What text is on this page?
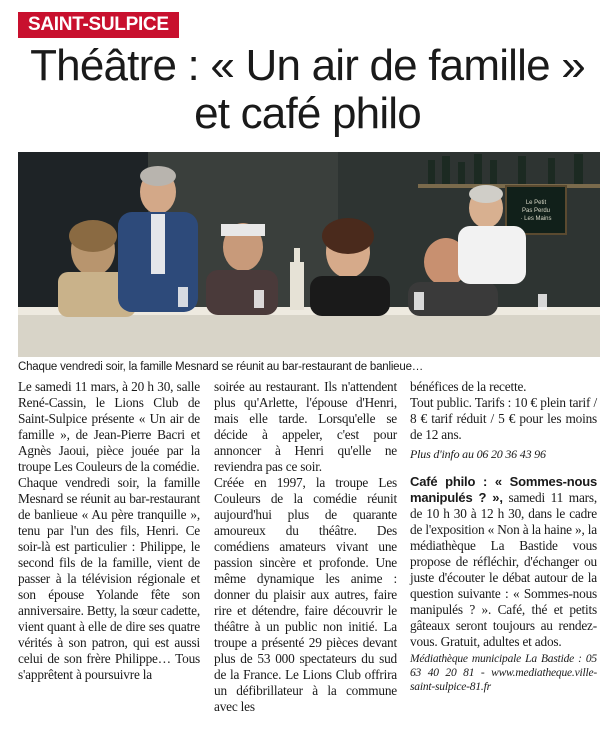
SAINT-SULPICE
Théâtre : « Un air de famille »
et café philo
Le Petit Pas Perdu · Les Mains
Chaque vendredi soir, la famille Mesnard se réunit au bar-restaurant de banlieue…

Le samedi 11 mars, à 20 h 30, salle René-Cassin, le Lions Club de Saint-Sulpice présente « Un air de famille », de Jean-Pierre Bacri et Agnès Jaoui, pièce jouée par la troupe Les Couleurs de la comédie.

Chaque vendredi soir, la famille Mesnard se réunit au bar-restaurant de banlieue « Au père tranquille », tenu par l'un des fils, Henri. Ce soir-là est particulier : Philippe, le second fils de la famille, vient de passer à la télévision régionale et son épouse Yolande fête son anniversaire. Betty, la sœur cadette, vient quant à elle de dire ses quatre vérités à son patron, qui est aussi celui de son frère Philippe… Tous s'apprêtent à poursuivre la

soirée au restaurant. Ils n'attendent plus qu'Arlette, l'épouse d'Henri, mais elle tarde. Lorsqu'elle se décide à appeler, c'est pour annoncer à Henri qu'elle ne reviendra pas ce soir.

Créée en 1997, la troupe Les Couleurs de la comédie réunit aujourd'hui plus de quarante amoureux du théâtre. Des comédiens amateurs vivant une passion sincère et profonde. Une même dynamique les anime : donner du plaisir aux autres, faire rire et détendre, faire découvrir le théâtre à un public non initié. La troupe a présenté 29 pièces devant plus de 53 000 spectateurs du sud de la France. Le Lions Club offrira un défibrillateur à la commune avec les

bénéfices de la recette.

Tout public. Tarifs : 10 € plein tarif / 8 € tarif réduit / 5 € pour les moins de 12 ans.

Plus d'info au 06 20 36 43 96

Café philo : « Sommes-nous manipulés ? », samedi 11 mars, de 10 h 30 à 12 h 30, dans le cadre de l'exposition « Non à la haine », la médiathèque La Bastide vous propose de réfléchir, d'échanger ou juste d'écouter le débat autour de la question suivante : « Sommes-nous manipulés ? ». Café, thé et petits gâteaux seront toujours au rendez-vous. Gratuit, adultes et ados.

Médiathèque municipale La Bastide : 05 63 40 20 81 - www.mediatheque.ville-saint-sulpice-81.fr
